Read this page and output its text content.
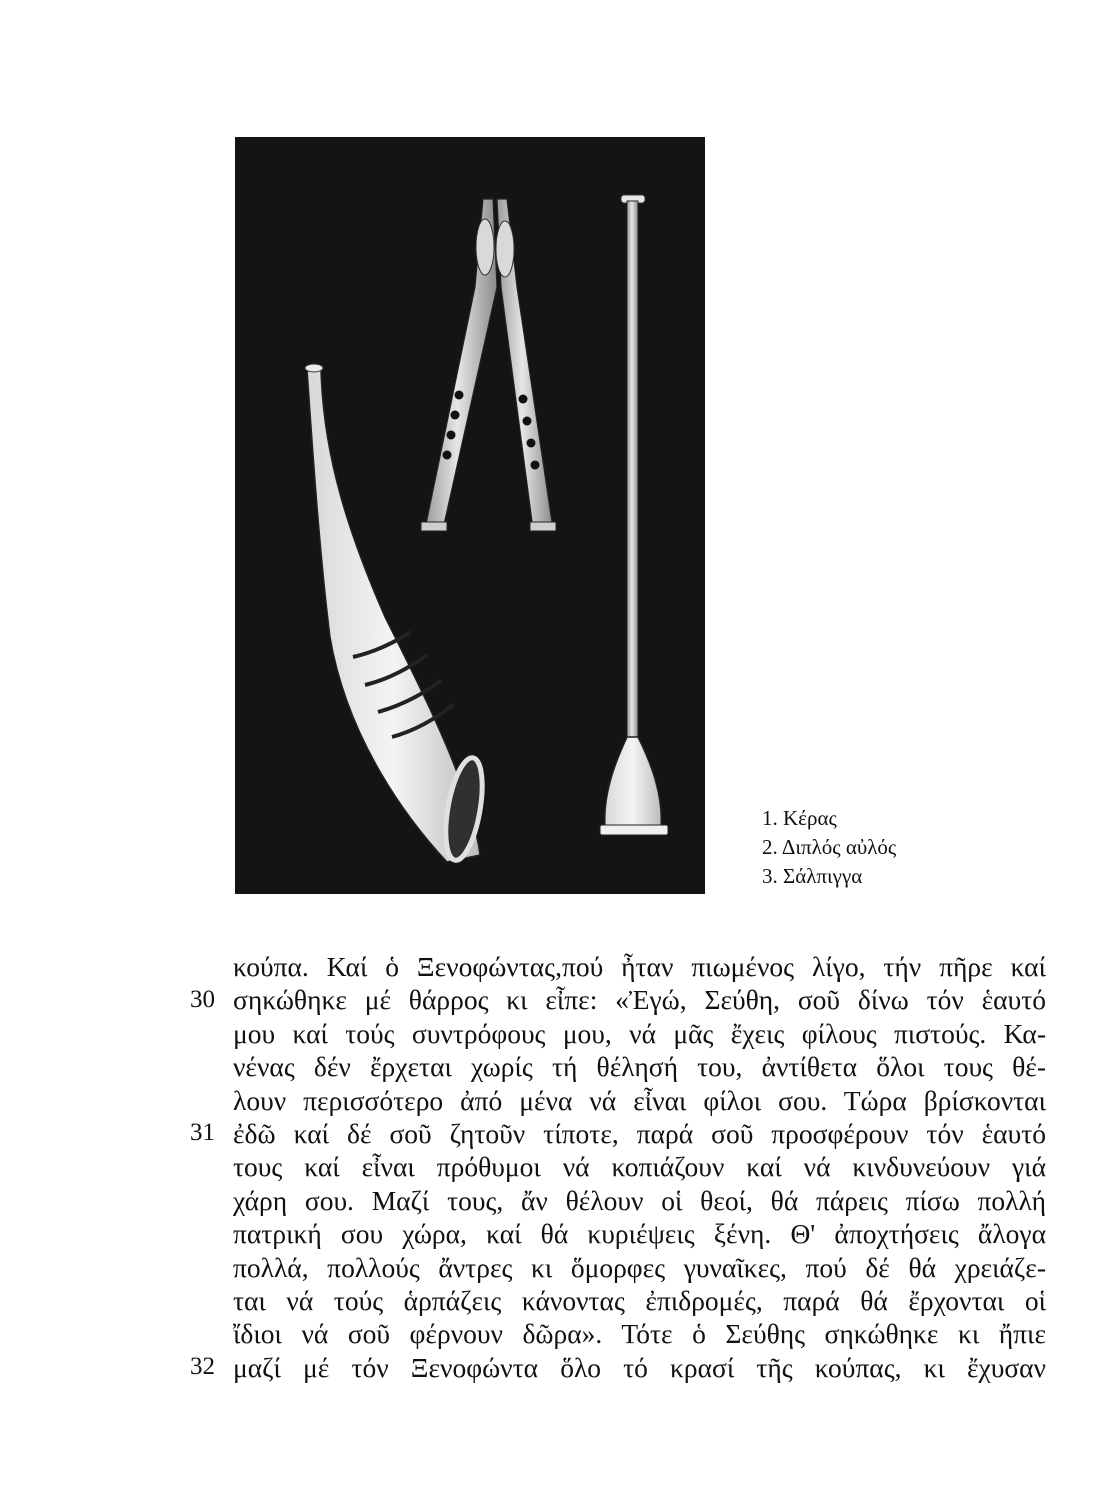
1. Κέρας
2. Διπλός αὐλός
3. Σάλπιγγα
30
31
32
κούπα. Καί ὁ Ξενοφώντας,πού ἦταν πιωμένος λίγο, τήν πῆρε καί
σηκώθηκε μέ θάρρος κι εἶπε: «Ἐγώ, Σεύθη, σοῦ δίνω τόν ἑαυτό
μου καί τούς συντρόφους μου, νά μᾶς ἔχεις φίλους πιστούς. Κα-
νένας δέν ἔρχεται χωρίς τή θέλησή του, ἀντίθετα ὅλοι τους θέ-
λουν περισσότερο ἀπό μένα νά εἶναι φίλοι σου. Τώρα βρίσκονται
ἐδῶ καί δέ σοῦ ζητοῦν τίποτε, παρά σοῦ προσφέρουν τόν ἑαυτό
τους καί εἶναι πρόθυμοι νά κοπιάζουν καί νά κινδυνεύουν γιά
χάρη σου. Μαζί τους, ἄν θέλουν οἱ θεοί, θά πάρεις πίσω πολλή
πατρική σου χώρα, καί θά κυριέψεις ξένη. Θ' ἀποχτήσεις ἄλογα
πολλά, πολλούς ἄντρες κι ὅμορφες γυναῖκες, πού δέ θά χρειάζε-
ται νά τούς ἁρπάζεις κάνοντας ἐπιδρομές, παρά θά ἔρχονται οἱ
ἴδιοι νά σοῦ φέρνουν δῶρα». Τότε ὁ Σεύθης σηκώθηκε κι ἤπιε
μαζί μέ τόν Ξενοφώντα ὅλο τό κρασί τῆς κούπας, κι ἔχυσαν
